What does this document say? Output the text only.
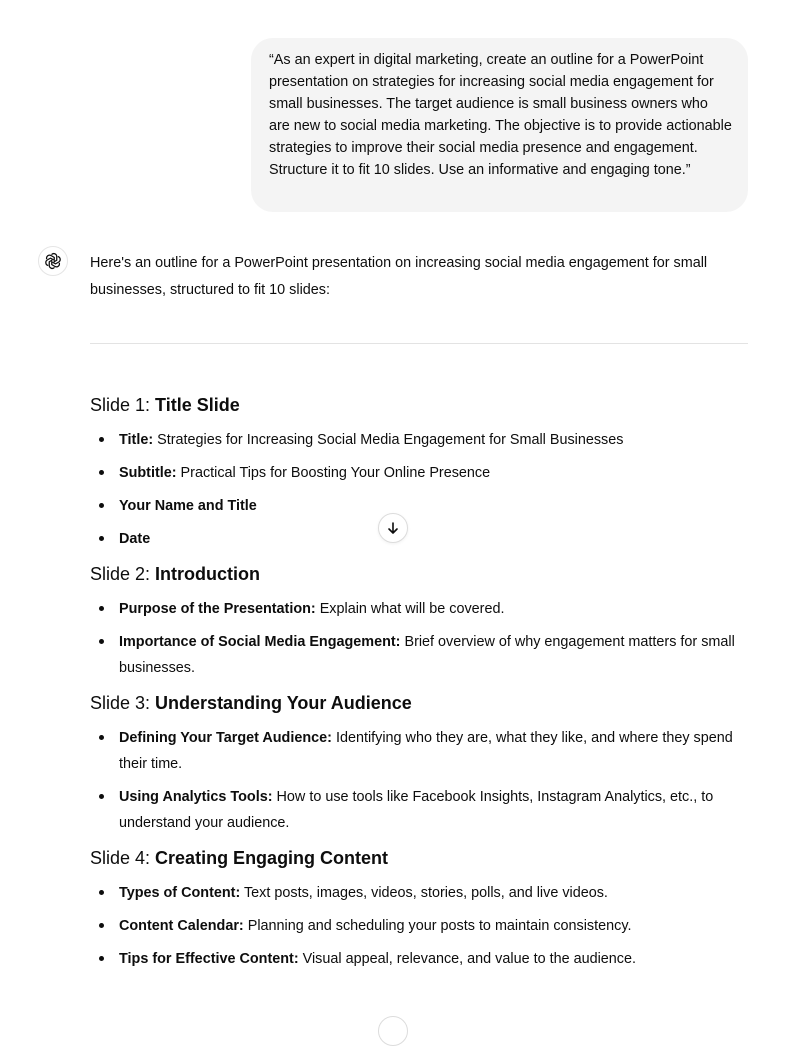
“As an expert in digital marketing, create an outline for a PowerPoint presentation on strategies for increasing social media engagement for small businesses. The target audience is small business owners who are new to social media marketing. The objective is to provide actionable strategies to improve their social media presence and engagement. Structure it to fit 10 slides. Use an informative and engaging tone.”

Here's an outline for a PowerPoint presentation on increasing social media engagement for small businesses, structured to fit 10 slides:

Slide 1: Title Slide
Title: Strategies for Increasing Social Media Engagement for Small Businesses
Subtitle: Practical Tips for Boosting Your Online Presence
Your Name and Title
Date
Slide 2: Introduction
Purpose of the Presentation: Explain what will be covered.
Importance of Social Media Engagement: Brief overview of why engagement matters for small businesses.
Slide 3: Understanding Your Audience
Defining Your Target Audience: Identifying who they are, what they like, and where they spend their time.
Using Analytics Tools: How to use tools like Facebook Insights, Instagram Analytics, etc., to understand your audience.
Slide 4: Creating Engaging Content
Types of Content: Text posts, images, videos, stories, polls, and live videos.
Content Calendar: Planning and scheduling your posts to maintain consistency.
Tips for Effective Content: Visual appeal, relevance, and value to the audience.
